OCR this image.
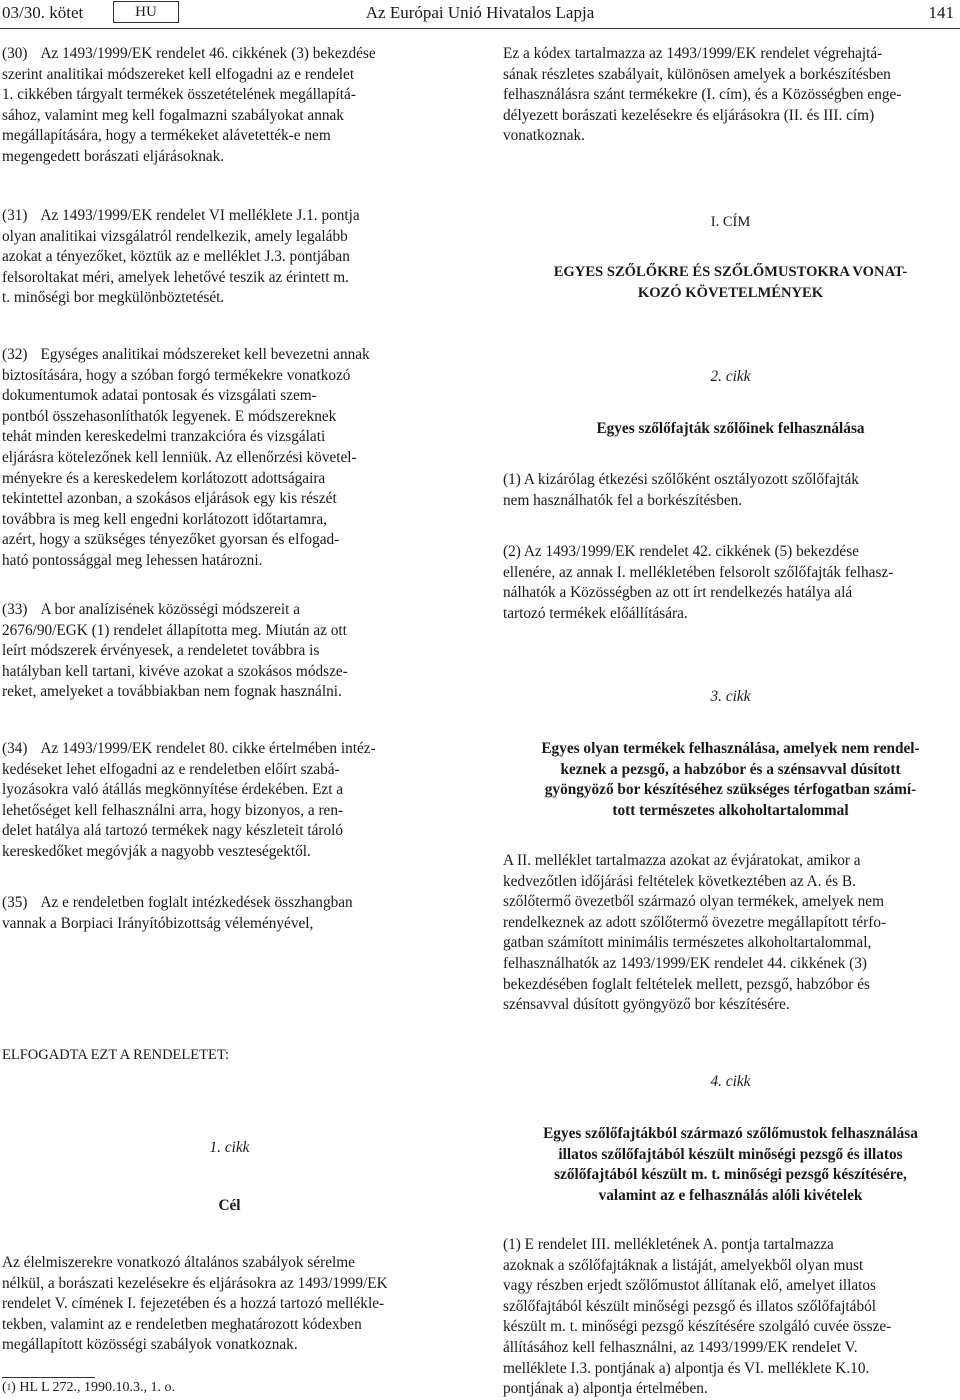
03/30. kötet	HU	Az Európai Unió Hivatalos Lapja	141
(30) Az 1493/1999/EK rendelet 46. cikkének (3) bekezdése
szerint analitikai módszereket kell elfogadni az e rendelet
1. cikkében tárgyalt termékek összetételének megállapítá-
sához, valamint meg kell fogalmazni szabályokat annak
megállapítására, hogy a termékeket alávetették-e nem
megengedett borászati eljárásoknak.
(31) Az 1493/1999/EK rendelet VI melléklete J.1. pontja
olyan analitikai vizsgálatról rendelkezik, amely legalább
azokat a tényezőket, köztük az e melléklet J.3. pontjában
felsoroltakat méri, amelyek lehetővé teszik az érintett m.
t. minőségi bor megkülönböztetését.
(32) Egységes analitikai módszereket kell bevezetni annak
biztosítására, hogy a szóban forgó termékekre vonatkozó
dokumentumok adatai pontosak és vizsgálati szem-
pontból összehasonlíthatók legyenek. E módszereknek
tehát minden kereskedelmi tranzakcióra és vizsgálati
eljárásra kötelezőnek kell lenniük. Az ellenőrzési követel-
ményekre és a kereskedelem korlátozott adottságaira
tekintettel azonban, a szokásos eljárások egy kis részét
továbbra is meg kell engedni korlátozott időtartamra,
azért, hogy a szükséges tényezőket gyorsan és elfogad-
ható pontossággal meg lehessen határozni.
(33) A bor analízisének közösségi módszereit a
2676/90/EGK (1) rendelet állapította meg. Miután az ott
leírt módszerek érvényesek, a rendeletet továbbra is
hatályban kell tartani, kivéve azokat a szokásos módsze-
reket, amelyeket a továbbiakban nem fognak használni.
(34) Az 1493/1999/EK rendelet 80. cikke értelmében intéz-
kedéseket lehet elfogadni az e rendeletben előírt szabá-
lyozásokra való átállás megkönnyítése érdekében. Ezt a
lehetőséget kell felhasználni arra, hogy bizonyos, a ren-
delet hatálya alá tartozó termékek nagy készleteit tároló
kereskedőket megóvják a nagyobb veszteségektől.
(35) Az e rendeletben foglalt intézkedések összhangban
vannak a Borpiaci Irányítóbizottság véleményével,
ELFOGADTA EZT A RENDELETET:
1. cikk
Cél
Az élelmiszerekre vonatkozó általános szabályok sérelme
nélkül, a borászati kezelésekre és eljárásokra az 1493/1999/EK
rendelet V. címének I. fejezetében és a hozzá tartozó mellékle-
tekben, valamint az e rendeletben meghatározott kódexben
megállapított közösségi szabályok vonatkoznak.
($^1$) HL L 272., 1990.10.3., 1. o.
Ez a kódex tartalmazza az 1493/1999/EK rendelet végrehajtá-
sának részletes szabályait, különösen amelyek a borkészítésben
felhasználásra szánt termékekre (I. cím), és a Közösségben enge-
délyezett borászati kezelésekre és eljárásokra (II. és III. cím)
vonatkoznak.
I. CÍM
EGYES SZŐLŐKRE ÉS SZŐLŐMUSTOKRA VONAT-
KOZÓ KÖVETELMÉNYEK
2. cikk
Egyes szőlőfajták szőlőinek felhasználása
(1) A kizárólag étkezési szőlőként osztályozott szőlőfajták
nem használhatók fel a borkészítésben.
(2) Az 1493/1999/EK rendelet 42. cikkének (5) bekezdése
ellenére, az annak I. mellékletében felsorolt szőlőfajták felhasz-
nálhatók a Közösségben az ott írt rendelkezés hatálya alá
tartozó termékek előállítására.
3. cikk
Egyes olyan termékek felhasználása, amelyek nem rendel-
keznek a pezsgő, a habzóbor és a szénsavval dúsított
gyöngyöző bor készítéséhez szükséges térfogatban számí-
tott természetes alkoholtartalommal
A II. melléklet tartalmazza azokat az évjáratokat, amikor a
kedvezőtlen időjárási feltételek következtében az A. és B.
szőlőtermő övezetből származó olyan termékek, amelyek nem
rendelkeznek az adott szőlőtermő övezetre megállapított térfo-
gatban számított minimális természetes alkoholtartalommal,
felhasználhatók az 1493/1999/EK rendelet 44. cikkének (3)
bekezdésében foglalt feltételek mellett, pezsgő, habzóbor és
szénsavval dúsított gyöngyöző bor készítésére.
4. cikk
Egyes szőlőfajtákból származó szőlőmustok felhasználása
illatos szőlőfajtából készült minőségi pezsgő és illatos
szőlőfajtából készült m. t. minőségi pezsgő készítésére,
valamint az e felhasználás alóli kivételek
(1) E rendelet III. mellékletének A. pontja tartalmazza
azoknak a szőlőfajtáknak a listáját, amelyekből olyan must
vagy részben erjedt szőlőmustot állítanak elő, amelyet illatos
szőlőfajtából készült minőségi pezsgő és illatos szőlőfajtából
készült m. t. minőségi pezsgő készítésére szolgáló cuvée össze-
állításához kell felhasználni, az 1493/1999/EK rendelet V.
melléklete I.3. pontjának a) alpontja és VI. melléklete K.10.
pontjának a) alpontja értelmében.
